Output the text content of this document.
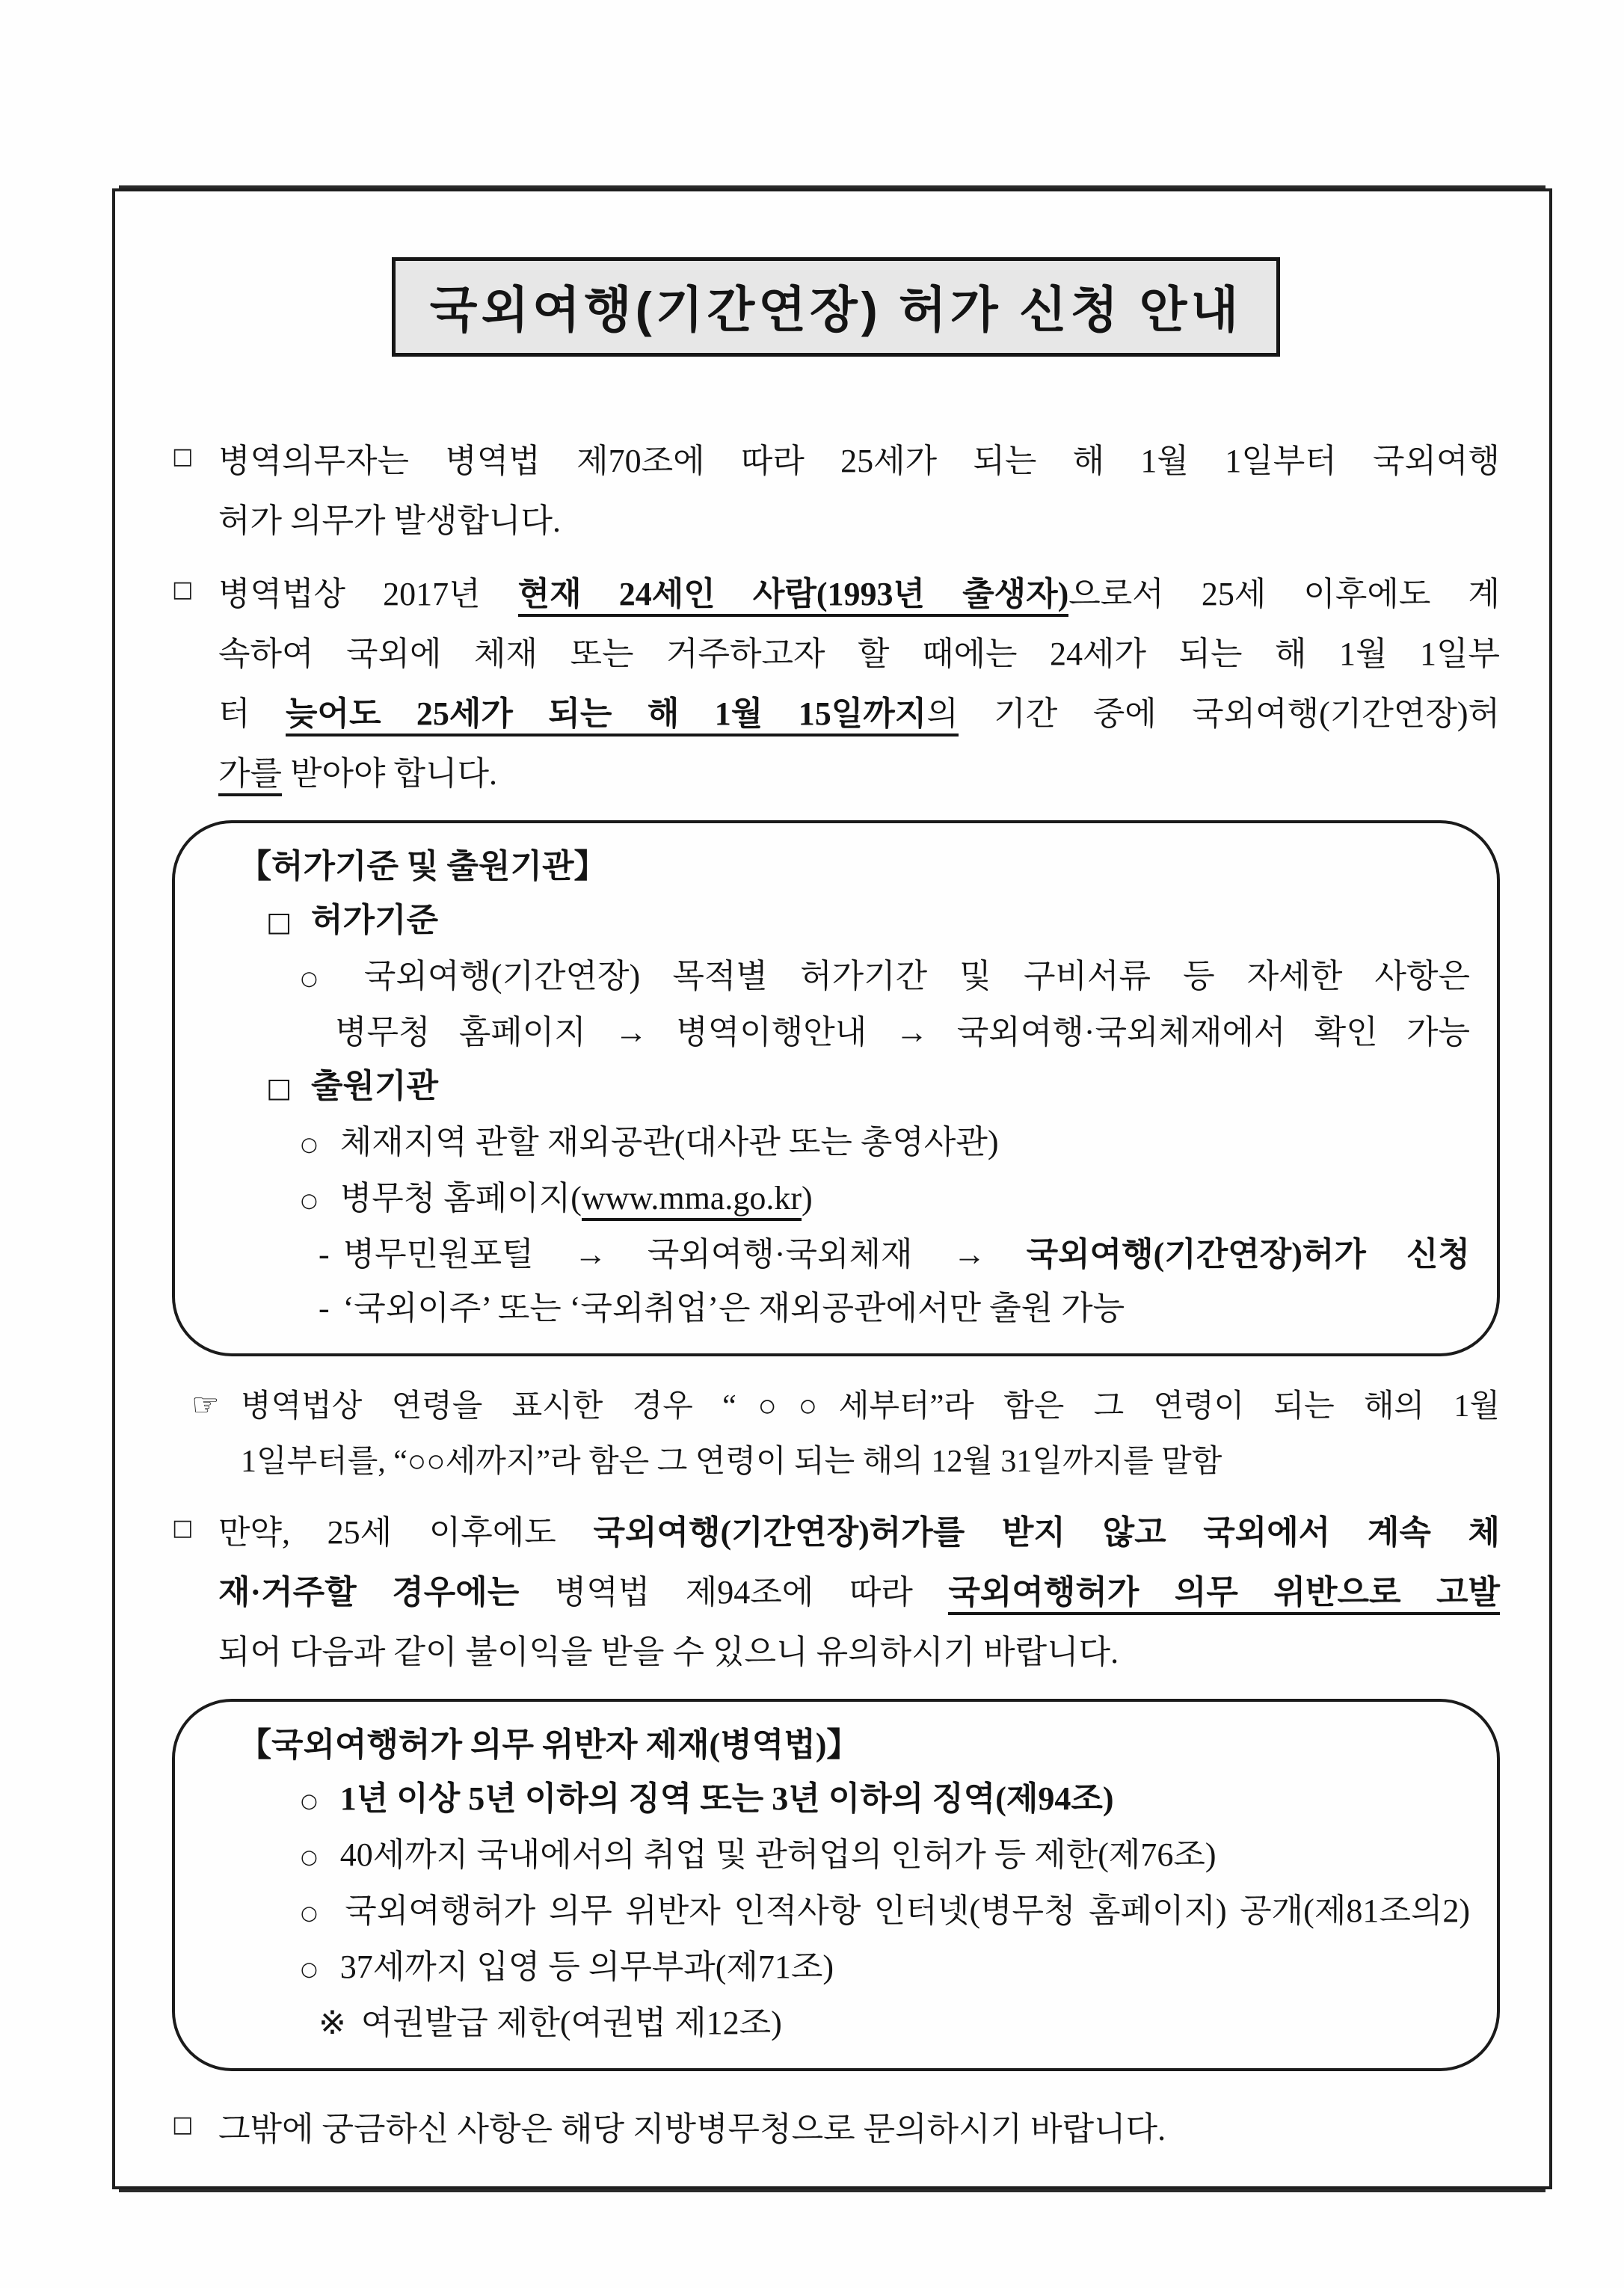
국외여행(기간연장) 허가 신청 안내
□ 병역의무자는 병역법 제70조에 따라 25세가 되는 해 1월 1일부터 국외여행
허가 의무가 발생합니다.
□ 병역법상 2017년 현재 24세인 사람(1993년 출생자)으로서 25세 이후에도 계
속하여 국외에 체재 또는 거주하고자 할 때에는 24세가 되는 해 1월 1일부
터 늦어도 25세가 되는 해 1월 15일까지의 기간 중에 국외여행(기간연장)허
가를 받아야 합니다.
【허가기준 및 출원기관】
□ 허가기준
○ 국외여행(기간연장) 목적별 허가기간 및 구비서류 등 자세한 사항은
병무청 홈페이지 → 병역이행안내 → 국외여행·국외체재에서 확인 가능
□ 출원기관
○ 체재지역 관할 재외공관(대사관 또는 총영사관)
○ 병무청 홈페이지(www.mma.go.kr)
- 병무민원포털 → 국외여행·국외체재 → 국외여행(기간연장)허가 신청
- ‘국외이주’ 또는 ‘국외취업’은 재외공관에서만 출원 가능
☞ 병역법상 연령을 표시한 경우 “○○세부터”라 함은 그 연령이 되는 해의 1월
1일부터를, “○○세까지”라 함은 그 연령이 되는 해의 12월 31일까지를 말함
□ 만약, 25세 이후에도 국외여행(기간연장)허가를 받지 않고 국외에서 계속 체
재·거주할 경우에는 병역법 제94조에 따라 국외여행허가 의무 위반으로 고발
되어 다음과 같이 불이익을 받을 수 있으니 유의하시기 바랍니다.
【국외여행허가 의무 위반자 제재(병역법)】
○ 1년 이상 5년 이하의 징역 또는 3년 이하의 징역(제94조)
○ 40세까지 국내에서의 취업 및 관허업의 인허가 등 제한(제76조)
○ 국외여행허가 의무 위반자 인적사항 인터넷(병무청 홈페이지) 공개(제81조의2)
○ 37세까지 입영 등 의무부과(제71조)
※ 여권발급 제한(여권법 제12조)
□ 그밖에 궁금하신 사항은 해당 지방병무청으로 문의하시기 바랍니다.
